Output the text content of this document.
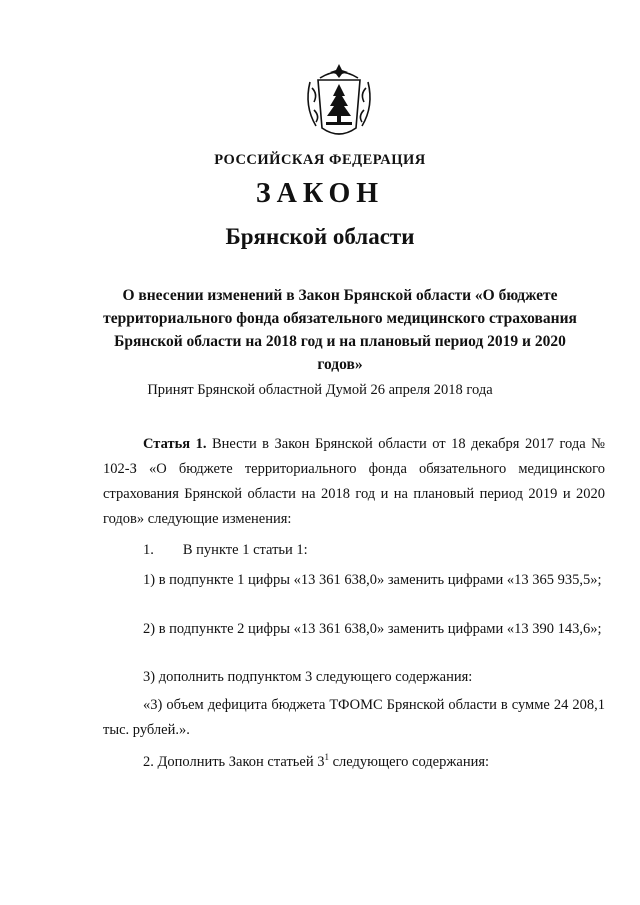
РОССИЙСКАЯ ФЕДЕРАЦИЯ
ЗАКОН
Брянской области
О внесении изменений в Закон Брянской области «О бюджете территориального фонда обязательного медицинского страхования Брянской области на 2018 год и на плановый период 2019 и 2020 годов»
Принят Брянской областной Думой 26 апреля 2018 года
Статья 1. Внести в Закон Брянской области от 18 декабря 2017 года № 102-З «О бюджете территориального фонда обязательного медицинского страхования Брянской области на 2018 год и на плановый период 2019 и 2020 годов» следующие изменения:
1.        В пункте 1 статьи 1:
1) в подпункте 1 цифры «13 361 638,0» заменить цифрами «13 365 935,5»;
2) в подпункте 2 цифры «13 361 638,0» заменить цифрами «13 390 143,6»;
3) дополнить подпунктом 3 следующего содержания:
«3) объем дефицита бюджета ТФОМС Брянской области в сумме 24 208,1 тыс. рублей.».
2. Дополнить Закон статьей $3^1$ следующего содержания:
